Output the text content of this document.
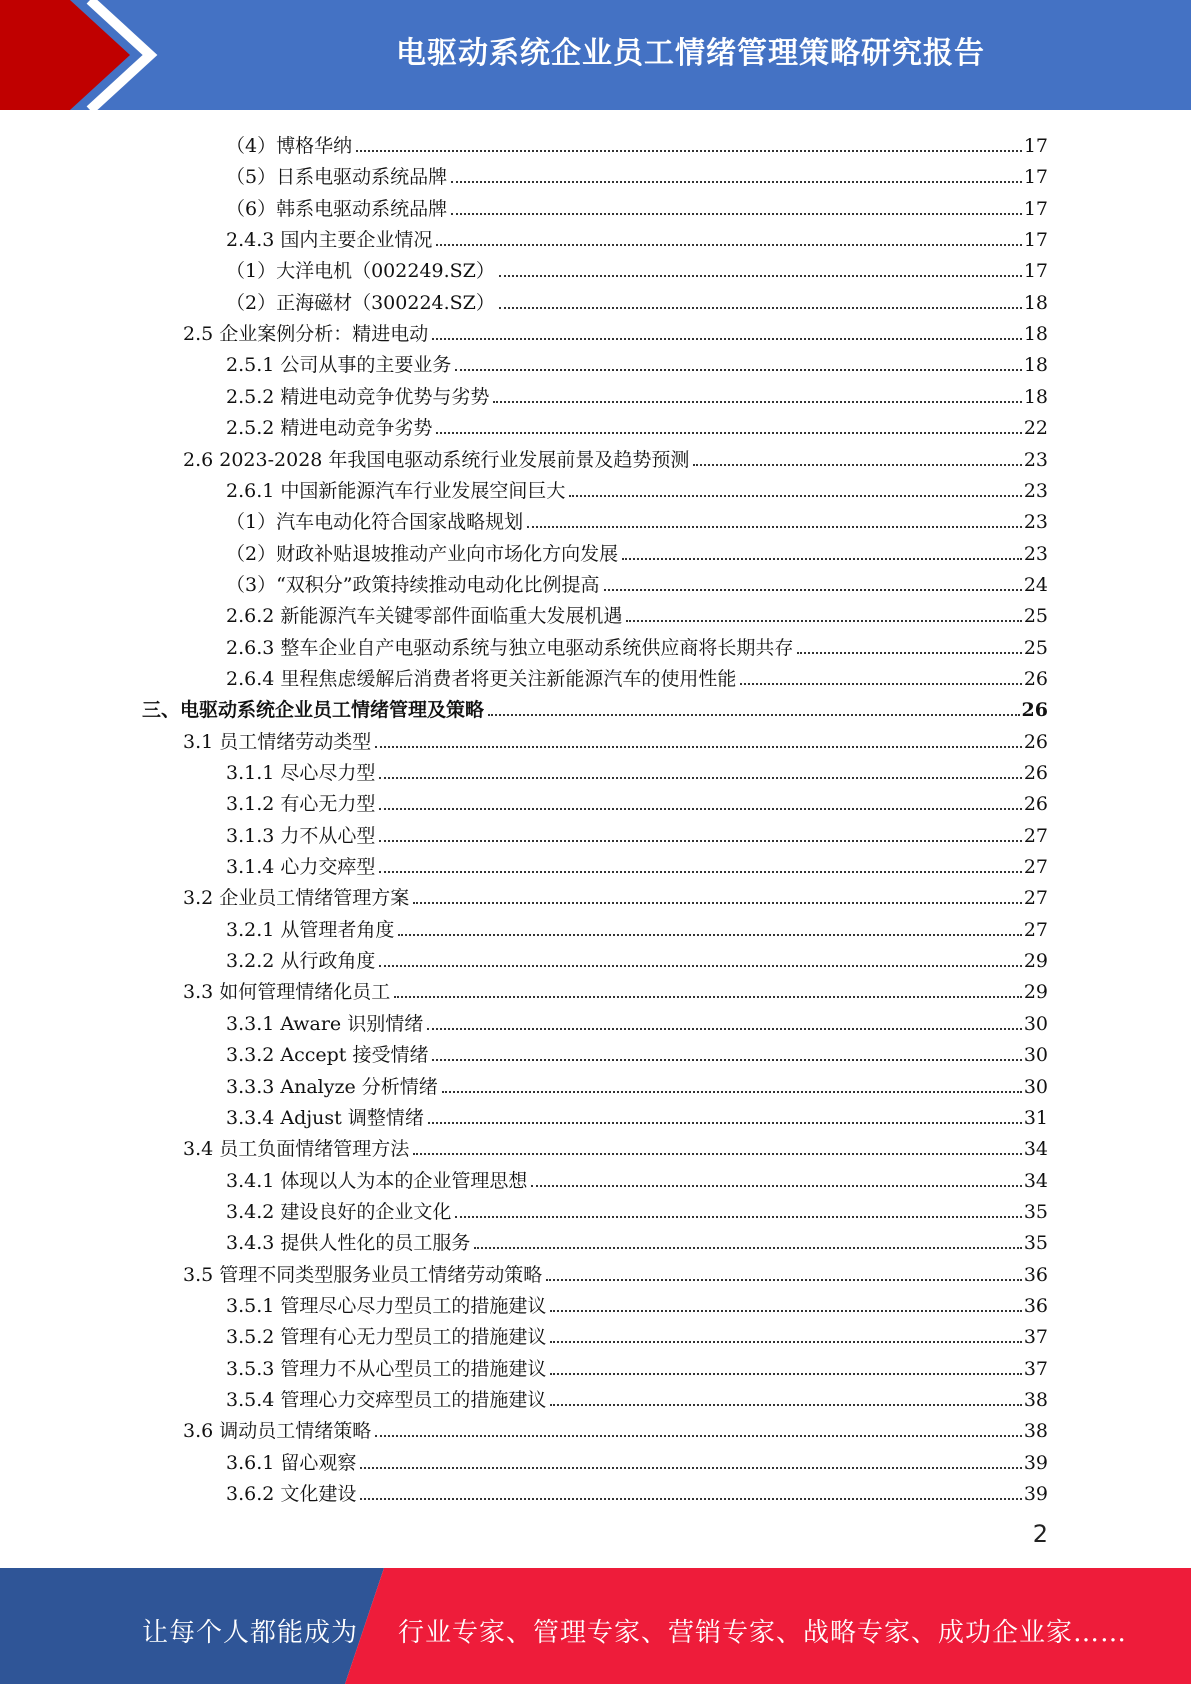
电驱动系统企业员工情绪管理策略研究报告
（4）博格华纳	17
（5）日系电驱动系统品牌	17
（6）韩系电驱动系统品牌	17
2.4.3 国内主要企业情况	17
（1）大洋电机（002249.SZ）	17
（2）正海磁材（300224.SZ）	18
2.5 企业案例分析：精进电动	18
2.5.1 公司从事的主要业务	18
2.5.2 精进电动竞争优势与劣势	18
2.5.2 精进电动竞争劣势	22
2.6 2023-2028 年我国电驱动系统行业发展前景及趋势预测	23
2.6.1 中国新能源汽车行业发展空间巨大	23
（1）汽车电动化符合国家战略规划	23
（2）财政补贴退坡推动产业向市场化方向发展	23
（3）“双积分”政策持续推动电动化比例提高	24
2.6.2 新能源汽车关键零部件面临重大发展机遇	25
2.6.3 整车企业自产电驱动系统与独立电驱动系统供应商将长期共存	25
2.6.4 里程焦虑缓解后消费者将更关注新能源汽车的使用性能	26
三、电驱动系统企业员工情绪管理及策略	26
3.1 员工情绪劳动类型	26
3.1.1 尽心尽力型	26
3.1.2 有心无力型	26
3.1.3 力不从心型	27
3.1.4 心力交瘁型	27
3.2 企业员工情绪管理方案	27
3.2.1 从管理者角度	27
3.2.2 从行政角度	29
3.3 如何管理情绪化员工	29
3.3.1 Aware 识别情绪	30
3.3.2 Accept 接受情绪	30
3.3.3 Analyze 分析情绪	30
3.3.4 Adjust 调整情绪	31
3.4 员工负面情绪管理方法	34
3.4.1 体现以人为本的企业管理思想	34
3.4.2 建设良好的企业文化	35
3.4.3 提供人性化的员工服务	35
3.5 管理不同类型服务业员工情绪劳动策略	36
3.5.1 管理尽心尽力型员工的措施建议	36
3.5.2 管理有心无力型员工的措施建议	37
3.5.3 管理力不从心型员工的措施建议	37
3.5.4 管理心力交瘁型员工的措施建议	38
3.6 调动员工情绪策略	38
3.6.1 留心观察	39
3.6.2 文化建设	39
2
让每个人都能成为 行业专家、管理专家、营销专家、战略专家、成功企业家……
